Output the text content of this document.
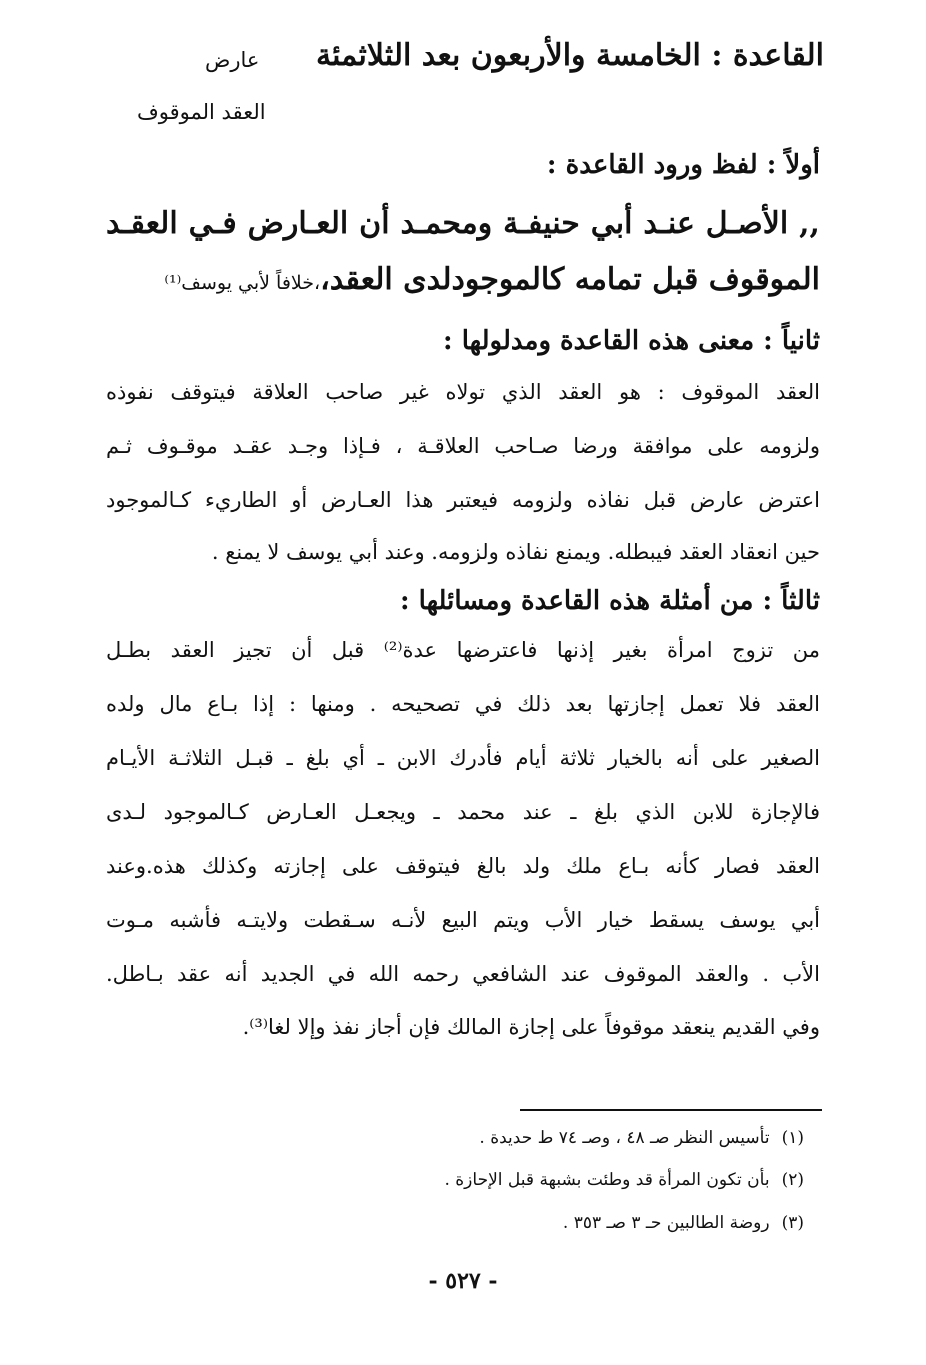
القاعدة : الخامسة والأربعون بعد الثلاثمئة
عارض
العقد الموقوف
أولاً : لفظ ورود القاعدة :
,, الأصـل عنـد أبي حنيفـة ومحمـد أن العـارض فـي العقـد
الموقوف قبل تمامه كالموجودلدى العقد،،خلافاً لأبي يوسف⁽¹⁾
ثانياً : معنى هذه القاعدة ومدلولها :
العقد الموقوف : هو العقد الذي تولاه غير صاحب العلاقة فيتوقف نفوذه
ولزومه على موافقة ورضا صـاحب العلاقـة ، فـإذا وجـد عقـد موقـوف ثـم
اعترض عارض قبل نفاذه ولزومه فيعتبر هذا العـارض أو الطاريء كـالموجود
حين انعقاد العقد فيبطله. ويمنع نفاذه ولزومه. وعند أبي يوسف لا يمنع .
ثالثاً : من أمثلة هذه القاعدة ومسائلها :
من تزوج امرأة بغير إذنها فاعترضها عدة⁽²⁾ قبل أن تجيز العقد بطـل
العقد فلا تعمل إجازتها بعد ذلك في تصحيحه . ومنها : إذا بـاع مال ولده
الصغير على أنه بالخيار ثلاثة أيام فأدرك الابن ـ أي بلغ ـ قبـل الثلاثـة الأيـام
فالإجازة للابن الذي بلغ ـ عند محمد ـ ويجعـل العـارض كـالموجود لـدى
العقد فصار كأنه بـاع ملك ولد بالغ فيتوقف على إجازته وكذلك هذه.وعند
أبي يوسف يسقط خيار الأب ويتم البيع لأنـه سـقطت ولايتـه فأشبه مـوت
الأب . والعقد الموقوف عند الشافعي رحمه الله في الجديد أنه عقد بـاطل.
وفي القديم ينعقد موقوفاً على إجازة المالك فإن أجاز نفذ وإلا لغا⁽³⁾.
(١)تأسيس النظر صـ ٤٨ ، وصـ ٧٤ ط حديدة .
(٢)بأن تكون المرأة قد وطئت بشبهة قبل الإحازة .
(٣)روضة الطالبين حـ ٣ صـ ٣٥٣ .
- ٥٢٧ -
